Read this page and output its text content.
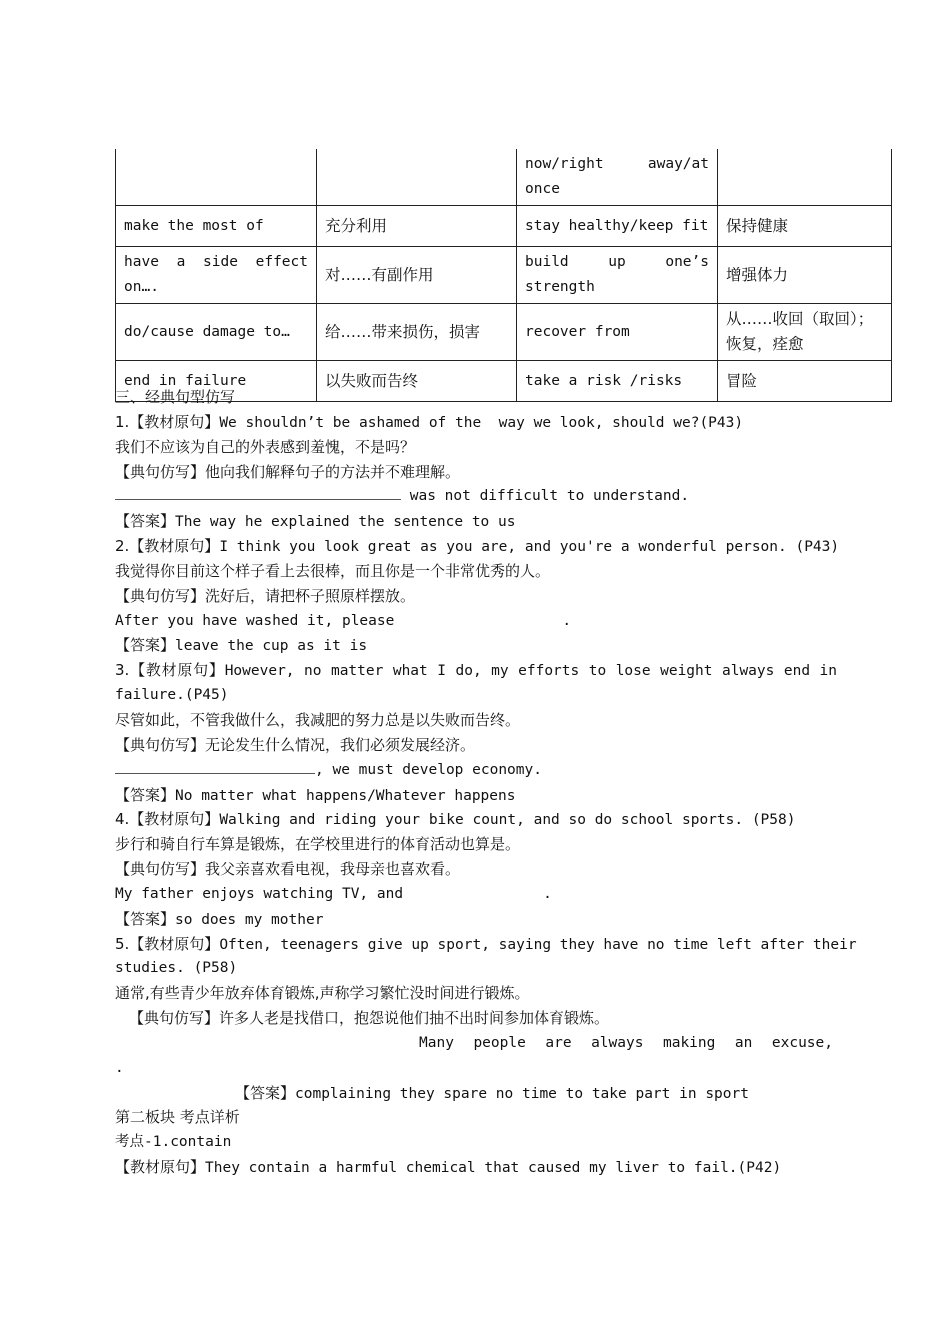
		now/right away/at once	
make the most of	充分利用	stay healthy/keep fit	保持健康
have a side effect on….	对……有副作用	build up one’s strength	增强体力
do/cause damage to…	给……带来损伤，损害	recover from	从……收回（取回）；恢复，痊愈
end in failure	以失败而告终	take a risk /risks	冒险
三、经典句型仿写
1.【教材原句】We shouldn’t be ashamed of the  way we look, should we?(P43)
我们不应该为自己的外表感到羞愧，不是吗？
【典句仿写】他向我们解释句子的方法并不难理解。
was not difficult to understand.
【答案】The way he explained the sentence to us
2.【教材原句】I think you look great as you are, and you're a wonderful person. (P43)
我觉得你目前这个样子看上去很棒，而且你是一个非常优秀的人。
【典句仿写】洗好后，请把杯子照原样摆放。
After you have washed it, please	.
【答案】leave the cup as it is
3.【教材原句】However, no matter what I do, my efforts to lose weight always end in
failure.(P45)
尽管如此，不管我做什么，我减肥的努力总是以失败而告终。
【典句仿写】无论发生什么情况，我们必须发展经济。
, we must develop economy.
【答案】No matter what happens/Whatever happens
4.【教材原句】Walking and riding your bike count, and so do school sports. (P58)
步行和骑自行车算是锻炼，在学校里进行的体育活动也算是。
【典句仿写】我父亲喜欢看电视，我母亲也喜欢看。
My father enjoys watching TV, and	.
【答案】so does my mother
5.【教材原句】Often, teenagers give up sport, saying they have no time left after their
studies. (P58)
通常,有些青少年放弃体育锻炼,声称学习繁忙没时间进行锻炼。
【典句仿写】许多人老是找借口，抱怨说他们抽不出时间参加体育锻炼。
Many people are always making an excuse,
.
【答案】complaining they spare no time to take part in sport
第二板块 考点详析
考点-1.contain
【教材原句】They contain a harmful chemical that caused my liver to fail.(P42)
